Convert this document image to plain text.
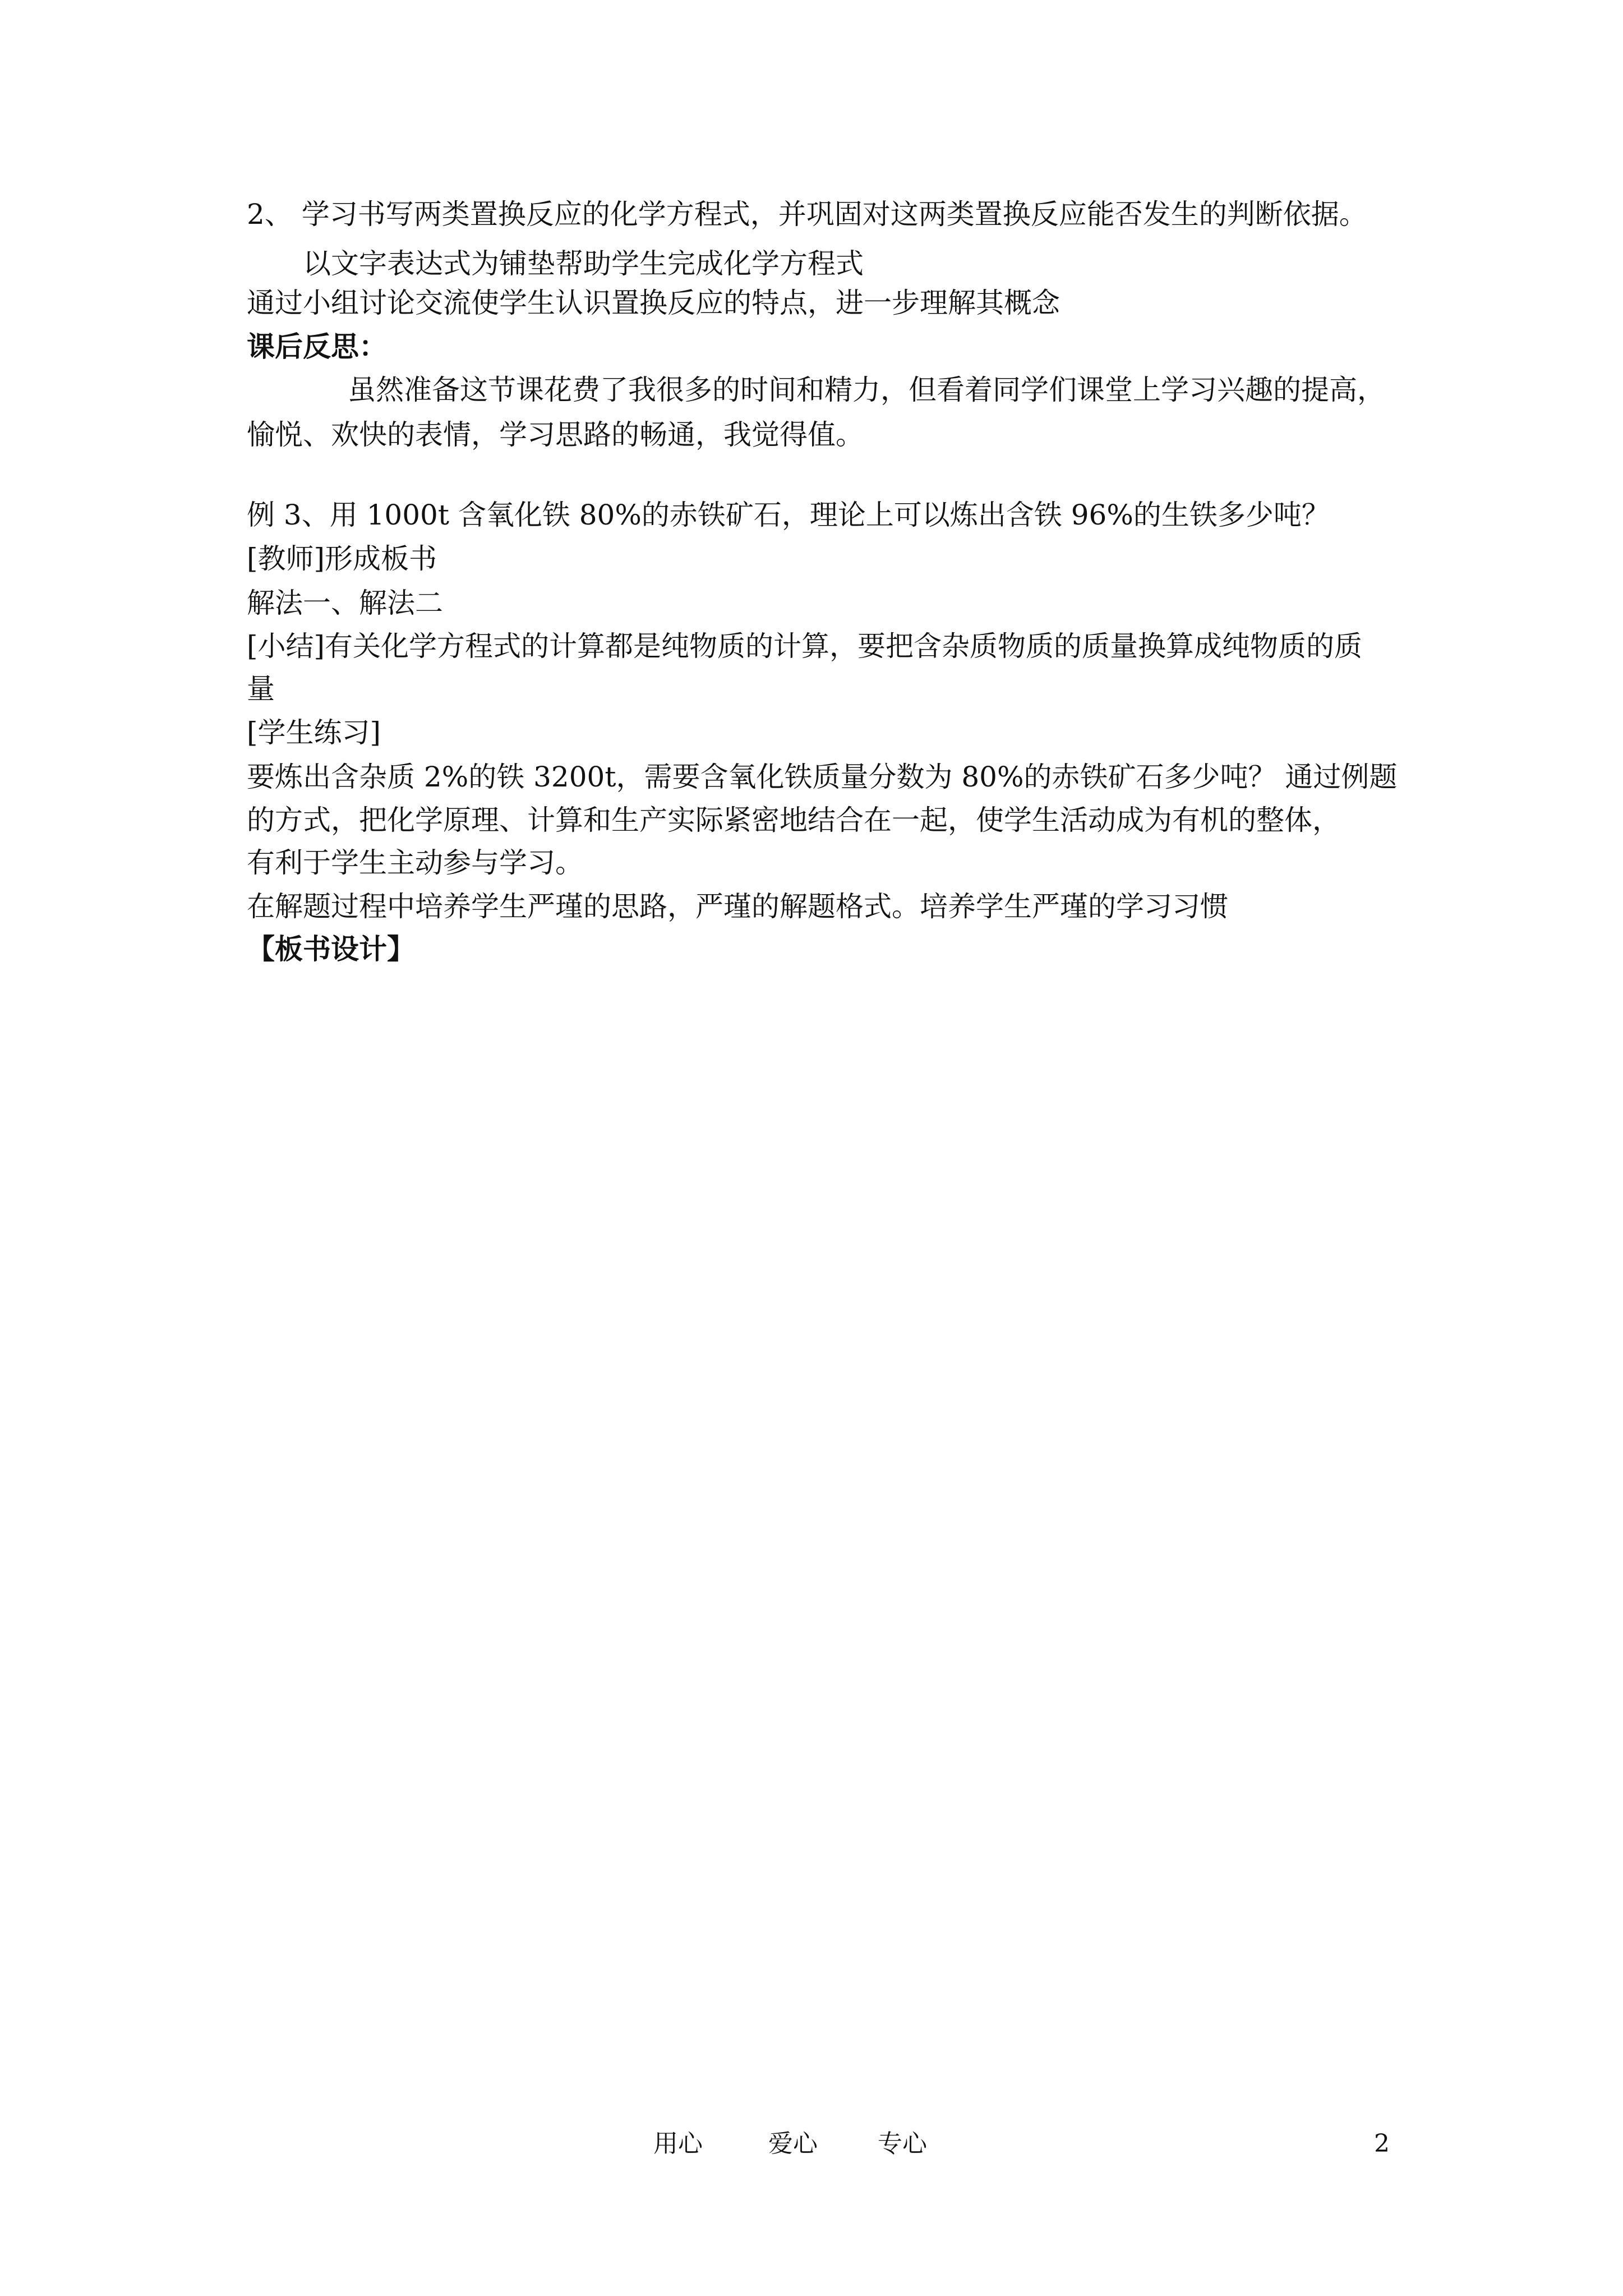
2、 学习书写两类置换反应的化学方程式，并巩固对这两类置换反应能否发生的判断依据。
以文字表达式为铺垫帮助学生完成化学方程式
通过小组讨论交流使学生认识置换反应的特点，进一步理解其概念
课后反思：
虽然准备这节课花费了我很多的时间和精力，但看着同学们课堂上学习兴趣的提高，
愉悦、欢快的表情，学习思路的畅通，我觉得值。
例 3、用 1000t 含氧化铁 80%的赤铁矿石，理论上可以炼出含铁 96%的生铁多少吨？
[教师]形成板书
解法一、解法二
[小结]有关化学方程式的计算都是纯物质的计算，要把含杂质物质的质量换算成纯物质的质
量
[学生练习]
要炼出含杂质 2%的铁 3200t，需要含氧化铁质量分数为 80%的赤铁矿石多少吨？ 通过例题
的方式，把化学原理、计算和生产实际紧密地结合在一起，使学生活动成为有机的整体，
有利于学生主动参与学习。
在解题过程中培养学生严瑾的思路，严瑾的解题格式。培养学生严瑾的学习习惯
【板书设计】
用心	爱心 专心	2
